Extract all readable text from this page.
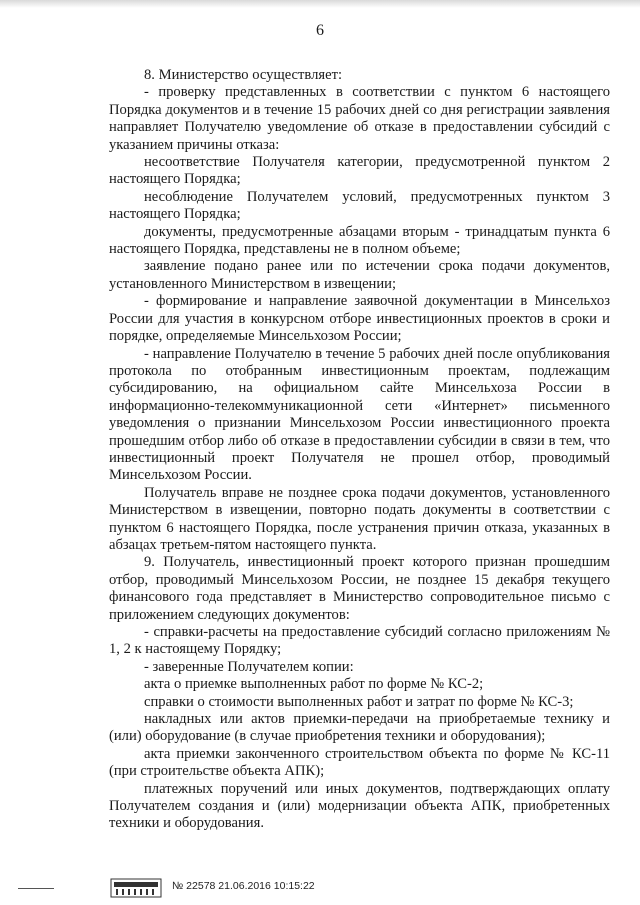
6

8. Министерство осуществляет:

- проверку представленных в соответствии с пунктом 6 настоящего Порядка документов и в течение 15 рабочих дней со дня регистрации заявления направляет Получателю уведомление об отказе в предоставлении субсидий с указанием причины отказа:

несоответствие Получателя категории, предусмотренной пунктом 2 настоящего Порядка;

несоблюдение Получателем условий, предусмотренных пунктом 3 настоящего Порядка;

документы, предусмотренные абзацами вторым - тринадцатым пункта 6 настоящего Порядка, представлены не в полном объеме;

заявление подано ранее или по истечении срока подачи документов, установленного Министерством в извещении;

- формирование и направление заявочной документации в Минсельхоз России для участия в конкурсном отборе инвестиционных проектов в сроки и порядке, определяемые Минсельхозом России;

- направление Получателю в течение 5 рабочих дней после опубликования протокола по отобранным инвестиционным проектам, подлежащим субсидированию, на официальном сайте Минсельхоза России в информационно-телекоммуникационной сети «Интернет» письменного уведомления о признании Минсельхозом России инвестиционного проекта прошедшим отбор либо об отказе в предоставлении субсидии в связи в тем, что инвестиционный проект Получателя не прошел отбор, проводимый Минсельхозом России.

Получатель вправе не позднее срока подачи документов, установленного Министерством в извещении, повторно подать документы в соответствии с пунктом 6 настоящего Порядка, после устранения причин отказа, указанных в абзацах третьем-пятом настоящего пункта.

9. Получатель, инвестиционный проект которого признан прошедшим отбор, проводимый Минсельхозом России, не позднее 15 декабря текущего финансового года представляет в Министерство сопроводительное письмо с приложением следующих документов:

- справки-расчеты на предоставление субсидий согласно приложениям № 1, 2 к настоящему Порядку;

- заверенные Получателем копии:

акта о приемке выполненных работ по форме № КС-2;

справки о стоимости выполненных работ и затрат по форме № КС-3;

накладных или актов приемки-передачи на приобретаемые технику и (или) оборудование (в случае приобретения техники и оборудования);

акта приемки законченного строительством объекта по форме № КС-11 (при строительстве объекта АПК);

платежных поручений или иных документов, подтверждающих оплату Получателем создания и (или) модернизации объекта АПК, приобретенных техники и оборудования.

№ 22578 21.06.2016 10:15:22
